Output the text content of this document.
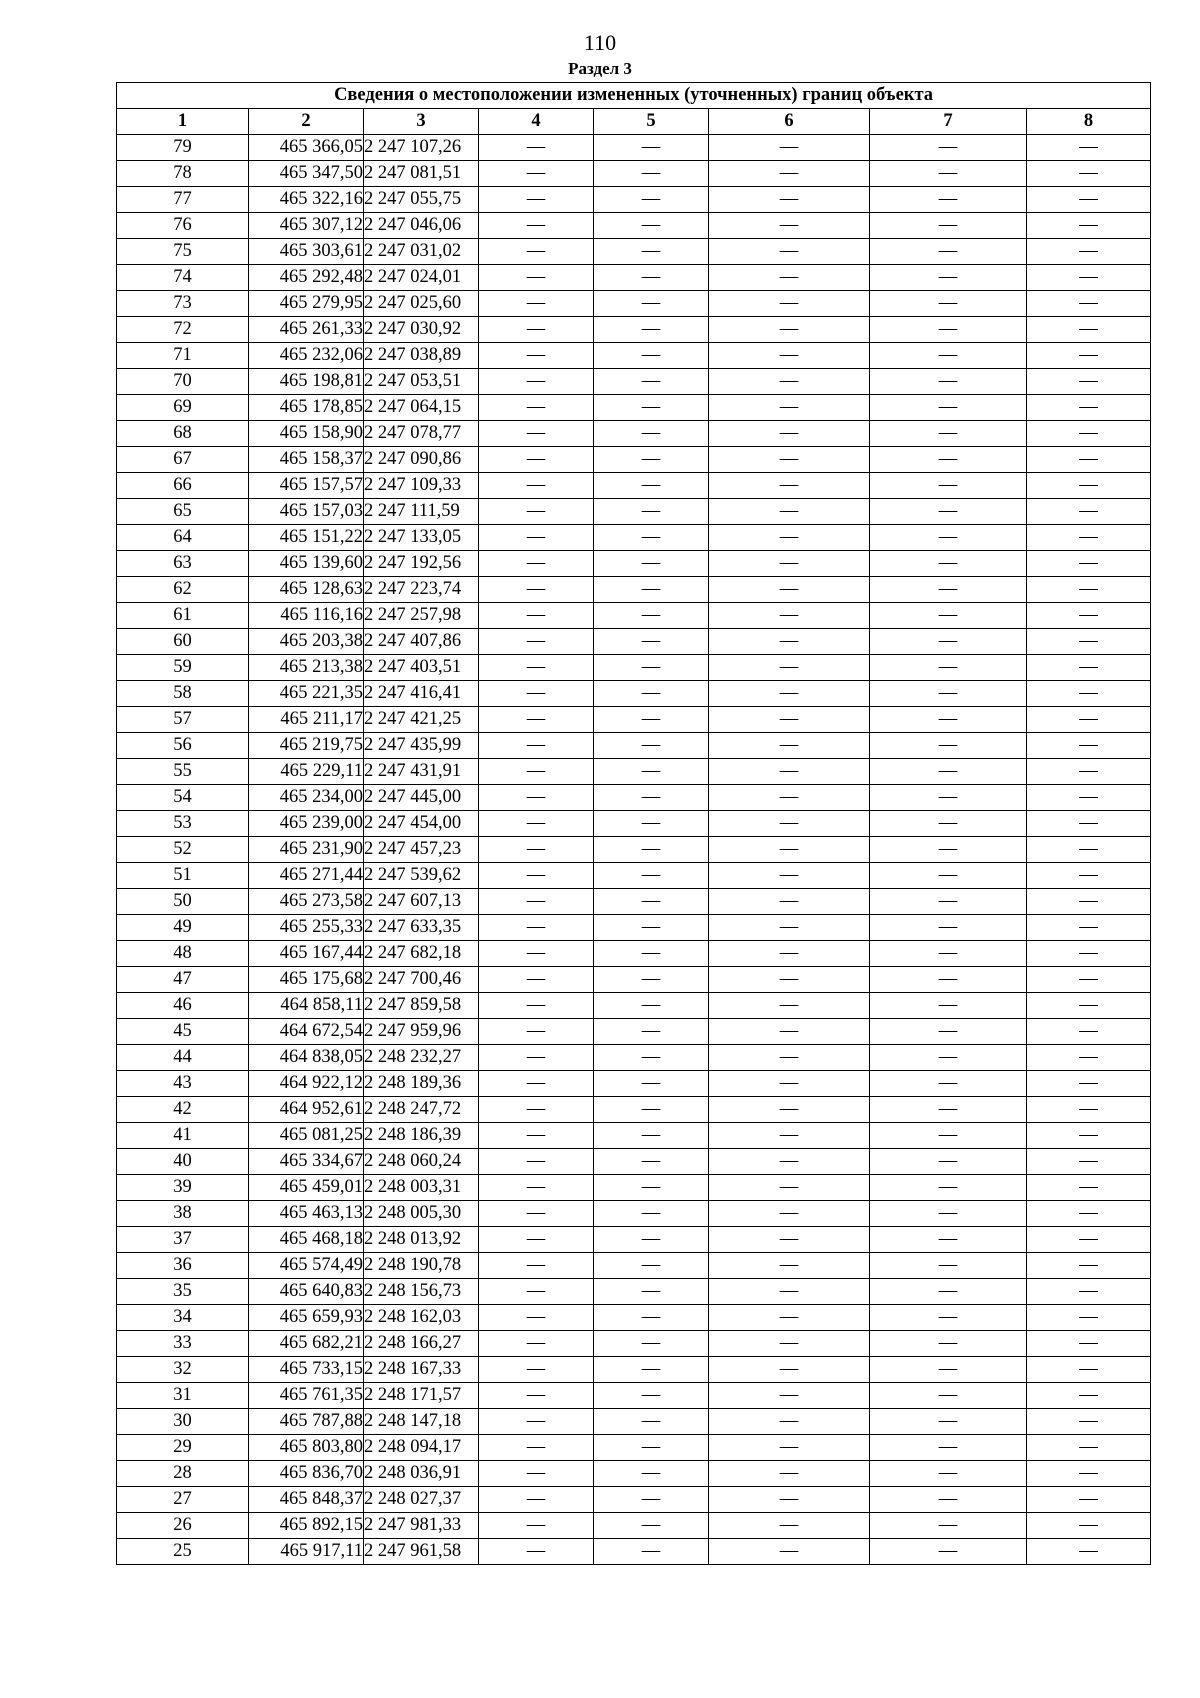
110
Раздел 3
Сведения о местоположении измененных (уточненных) границ объекта							
1	2	3	4	5	6	7	8
79	465 366,05	2 247 107,26	—	—	—	—	—
78	465 347,50	2 247 081,51	—	—	—	—	—
77	465 322,16	2 247 055,75	—	—	—	—	—
76	465 307,12	2 247 046,06	—	—	—	—	—
75	465 303,61	2 247 031,02	—	—	—	—	—
74	465 292,48	2 247 024,01	—	—	—	—	—
73	465 279,95	2 247 025,60	—	—	—	—	—
72	465 261,33	2 247 030,92	—	—	—	—	—
71	465 232,06	2 247 038,89	—	—	—	—	—
70	465 198,81	2 247 053,51	—	—	—	—	—
69	465 178,85	2 247 064,15	—	—	—	—	—
68	465 158,90	2 247 078,77	—	—	—	—	—
67	465 158,37	2 247 090,86	—	—	—	—	—
66	465 157,57	2 247 109,33	—	—	—	—	—
65	465 157,03	2 247 111,59	—	—	—	—	—
64	465 151,22	2 247 133,05	—	—	—	—	—
63	465 139,60	2 247 192,56	—	—	—	—	—
62	465 128,63	2 247 223,74	—	—	—	—	—
61	465 116,16	2 247 257,98	—	—	—	—	—
60	465 203,38	2 247 407,86	—	—	—	—	—
59	465 213,38	2 247 403,51	—	—	—	—	—
58	465 221,35	2 247 416,41	—	—	—	—	—
57	465 211,17	2 247 421,25	—	—	—	—	—
56	465 219,75	2 247 435,99	—	—	—	—	—
55	465 229,11	2 247 431,91	—	—	—	—	—
54	465 234,00	2 247 445,00	—	—	—	—	—
53	465 239,00	2 247 454,00	—	—	—	—	—
52	465 231,90	2 247 457,23	—	—	—	—	—
51	465 271,44	2 247 539,62	—	—	—	—	—
50	465 273,58	2 247 607,13	—	—	—	—	—
49	465 255,33	2 247 633,35	—	—	—	—	—
48	465 167,44	2 247 682,18	—	—	—	—	—
47	465 175,68	2 247 700,46	—	—	—	—	—
46	464 858,11	2 247 859,58	—	—	—	—	—
45	464 672,54	2 247 959,96	—	—	—	—	—
44	464 838,05	2 248 232,27	—	—	—	—	—
43	464 922,12	2 248 189,36	—	—	—	—	—
42	464 952,61	2 248 247,72	—	—	—	—	—
41	465 081,25	2 248 186,39	—	—	—	—	—
40	465 334,67	2 248 060,24	—	—	—	—	—
39	465 459,01	2 248 003,31	—	—	—	—	—
38	465 463,13	2 248 005,30	—	—	—	—	—
37	465 468,18	2 248 013,92	—	—	—	—	—
36	465 574,49	2 248 190,78	—	—	—	—	—
35	465 640,83	2 248 156,73	—	—	—	—	—
34	465 659,93	2 248 162,03	—	—	—	—	—
33	465 682,21	2 248 166,27	—	—	—	—	—
32	465 733,15	2 248 167,33	—	—	—	—	—
31	465 761,35	2 248 171,57	—	—	—	—	—
30	465 787,88	2 248 147,18	—	—	—	—	—
29	465 803,80	2 248 094,17	—	—	—	—	—
28	465 836,70	2 248 036,91	—	—	—	—	—
27	465 848,37	2 248 027,37	—	—	—	—	—
26	465 892,15	2 247 981,33	—	—	—	—	—
25	465 917,11	2 247 961,58	—	—	—	—	—
